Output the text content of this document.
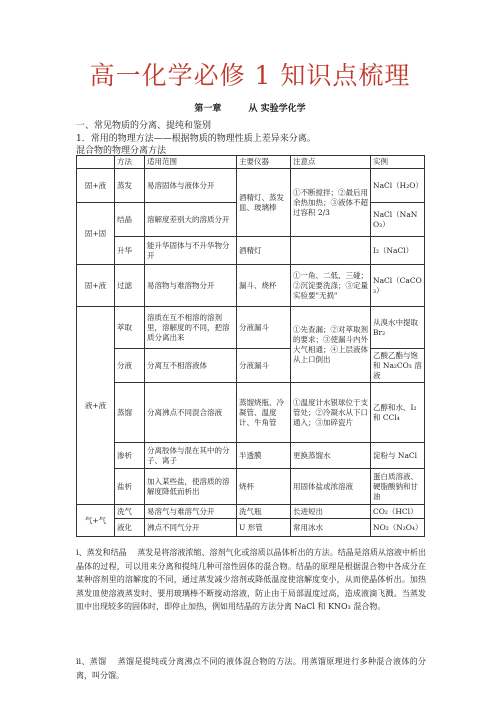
高一化学必修 1 知识点梳理
第一章	从 实验学化学
一、常见物质的分离、提纯和鉴别
1．常用的物理方法——根据物质的物理性质上差异来分离。
混合物的物理分离方法
	方法	适用范围	主要仪器	注意点	实例
固+液	蒸发	易溶固体与液体分开	酒精灯、蒸发皿、玻璃棒	①不断搅拌；②最后用余热加热；③液体不超过容积 2/3	NaCl（H₂O）
固+固	结晶	溶解度差别大的溶质分开			NaCl（NaNO₃）
	升华	能升华固体与不升华物分开	酒精灯		I₂（NaCl）
固+液	过滤	易溶物与难溶物分开	漏斗、烧杯	①一角、二低、三碰；②沉淀要洗涤；③定量实验要"无损"	NaCl（CaCO₃）
液+液	萃取	溶质在互不相溶的溶剂里，溶解度的不同，把溶质分离出来	分液漏斗	①先查漏；②对萃取剂的要求；③使漏斗内外大气相通；④上层液体从上口倒出	从溴水中提取 Br₂
	分液	分离互不相溶液体	分液漏斗		乙酸乙酯与饱和 Na₂CO₃ 溶液
	蒸馏	分离沸点不同混合溶液	蒸馏烧瓶、冷凝管、温度计、牛角管	①温度计水银球位于支管处；②冷凝水从下口通入；③加碎瓷片	乙醇和水、I₂ 和 CCl₄
	渗析	分离胶体与混在其中的分子、离子	半透膜	更换蒸馏水	淀粉与 NaCl
	盐析	加入某些盐，使溶质的溶解度降低而析出	烧杯	用固体盐或浓溶液	蛋白质溶液、硬脂酸钠和甘油
气+气	洗气	易溶气与难溶气分开	洗气瓶	长进短出	CO₂（HCl）
	液化	沸点不同气分开	U 形管	常用冰水	NO₂（N₂O₄）
i、蒸发和结晶　 蒸发是将溶液浓缩、溶剂气化或溶质以晶体析出的方法。结晶是溶质从溶液中析出晶体的过程，可以用来分离和提纯几种可溶性固体的混合物。结晶的原理是根据混合物中各成分在某种溶剂里的溶解度的不同，通过蒸发减少溶剂或降低温度使溶解度变小，从而使晶体析出。加热蒸发皿使溶液蒸发时、要用玻璃棒不断搅动溶液，防止由于局部温度过高，造成液滴飞溅。当蒸发皿中出现较多的固体时，即停止加热，例如用结晶的方法分离 NaCl 和 KNO₃ 混合物。
ii、蒸馏　 蒸馏是提纯或分离沸点不同的液体混合物的方法。用蒸馏原理进行多种混合液体的分离，叫分馏。
